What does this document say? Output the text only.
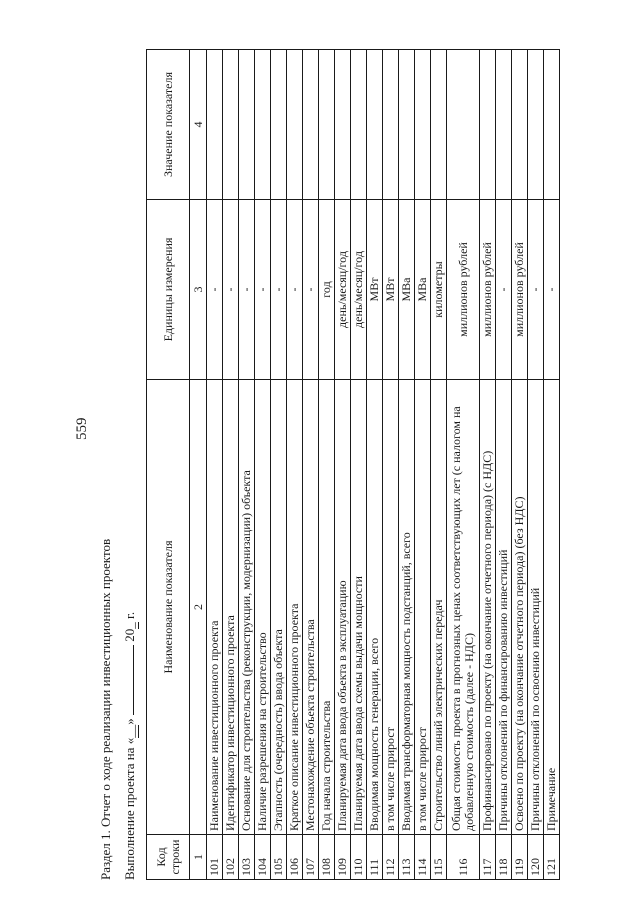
559
Раздел 1. Отчет о ходе реализации инвестиционных проектов Выполнение проекта на «__»  20_ г.
Код строки	Наименование показателя	Единицы измерения	Значение показателя
1	2	3	4
101	Наименование инвестиционного проекта	-	
102	Идентификатор инвестиционного проекта	-	
103	Основание для строительства (реконструкции, модернизации) объекта	-	
104	Наличие разрешения на строительство	-	
105	Этапность (очередность) ввода объекта	-	
106	Краткое описание инвестиционного проекта	-	
107	Местонахождение объекта строительства	-	
108	Год начала строительства	год	
109	Планируемая дата ввода объекта в эксплуатацию	день/месяц/год	
110	Планируемая дата ввода схемы выдачи мощности	день/месяц/год	
111	Вводимая мощность генерации, всего	МВт	
112	в том числе прирост	МВт	
113	Вводимая трансформаторная мощность подстанций, всего	МВа	
114	в том числе прирост	МВа	
115	Строительство линий электрических передач	километры	
116	Общая стоимость проекта в прогнозных ценах соответствующих лет (с налогом на добавленную стоимость (далее - НДС)	миллионов рублей	
117	Профинансировано по проекту (на окончание отчетного периода) (с НДС)	миллионов рублей	
118	Причины отклонений по финансированию инвестиций	-	
119	Освоено по проекту (на окончание отчетного периода) (без НДС)	миллионов рублей	
120	Причины отклонений по освоению инвестиций	-	
121	Примечание	-	
